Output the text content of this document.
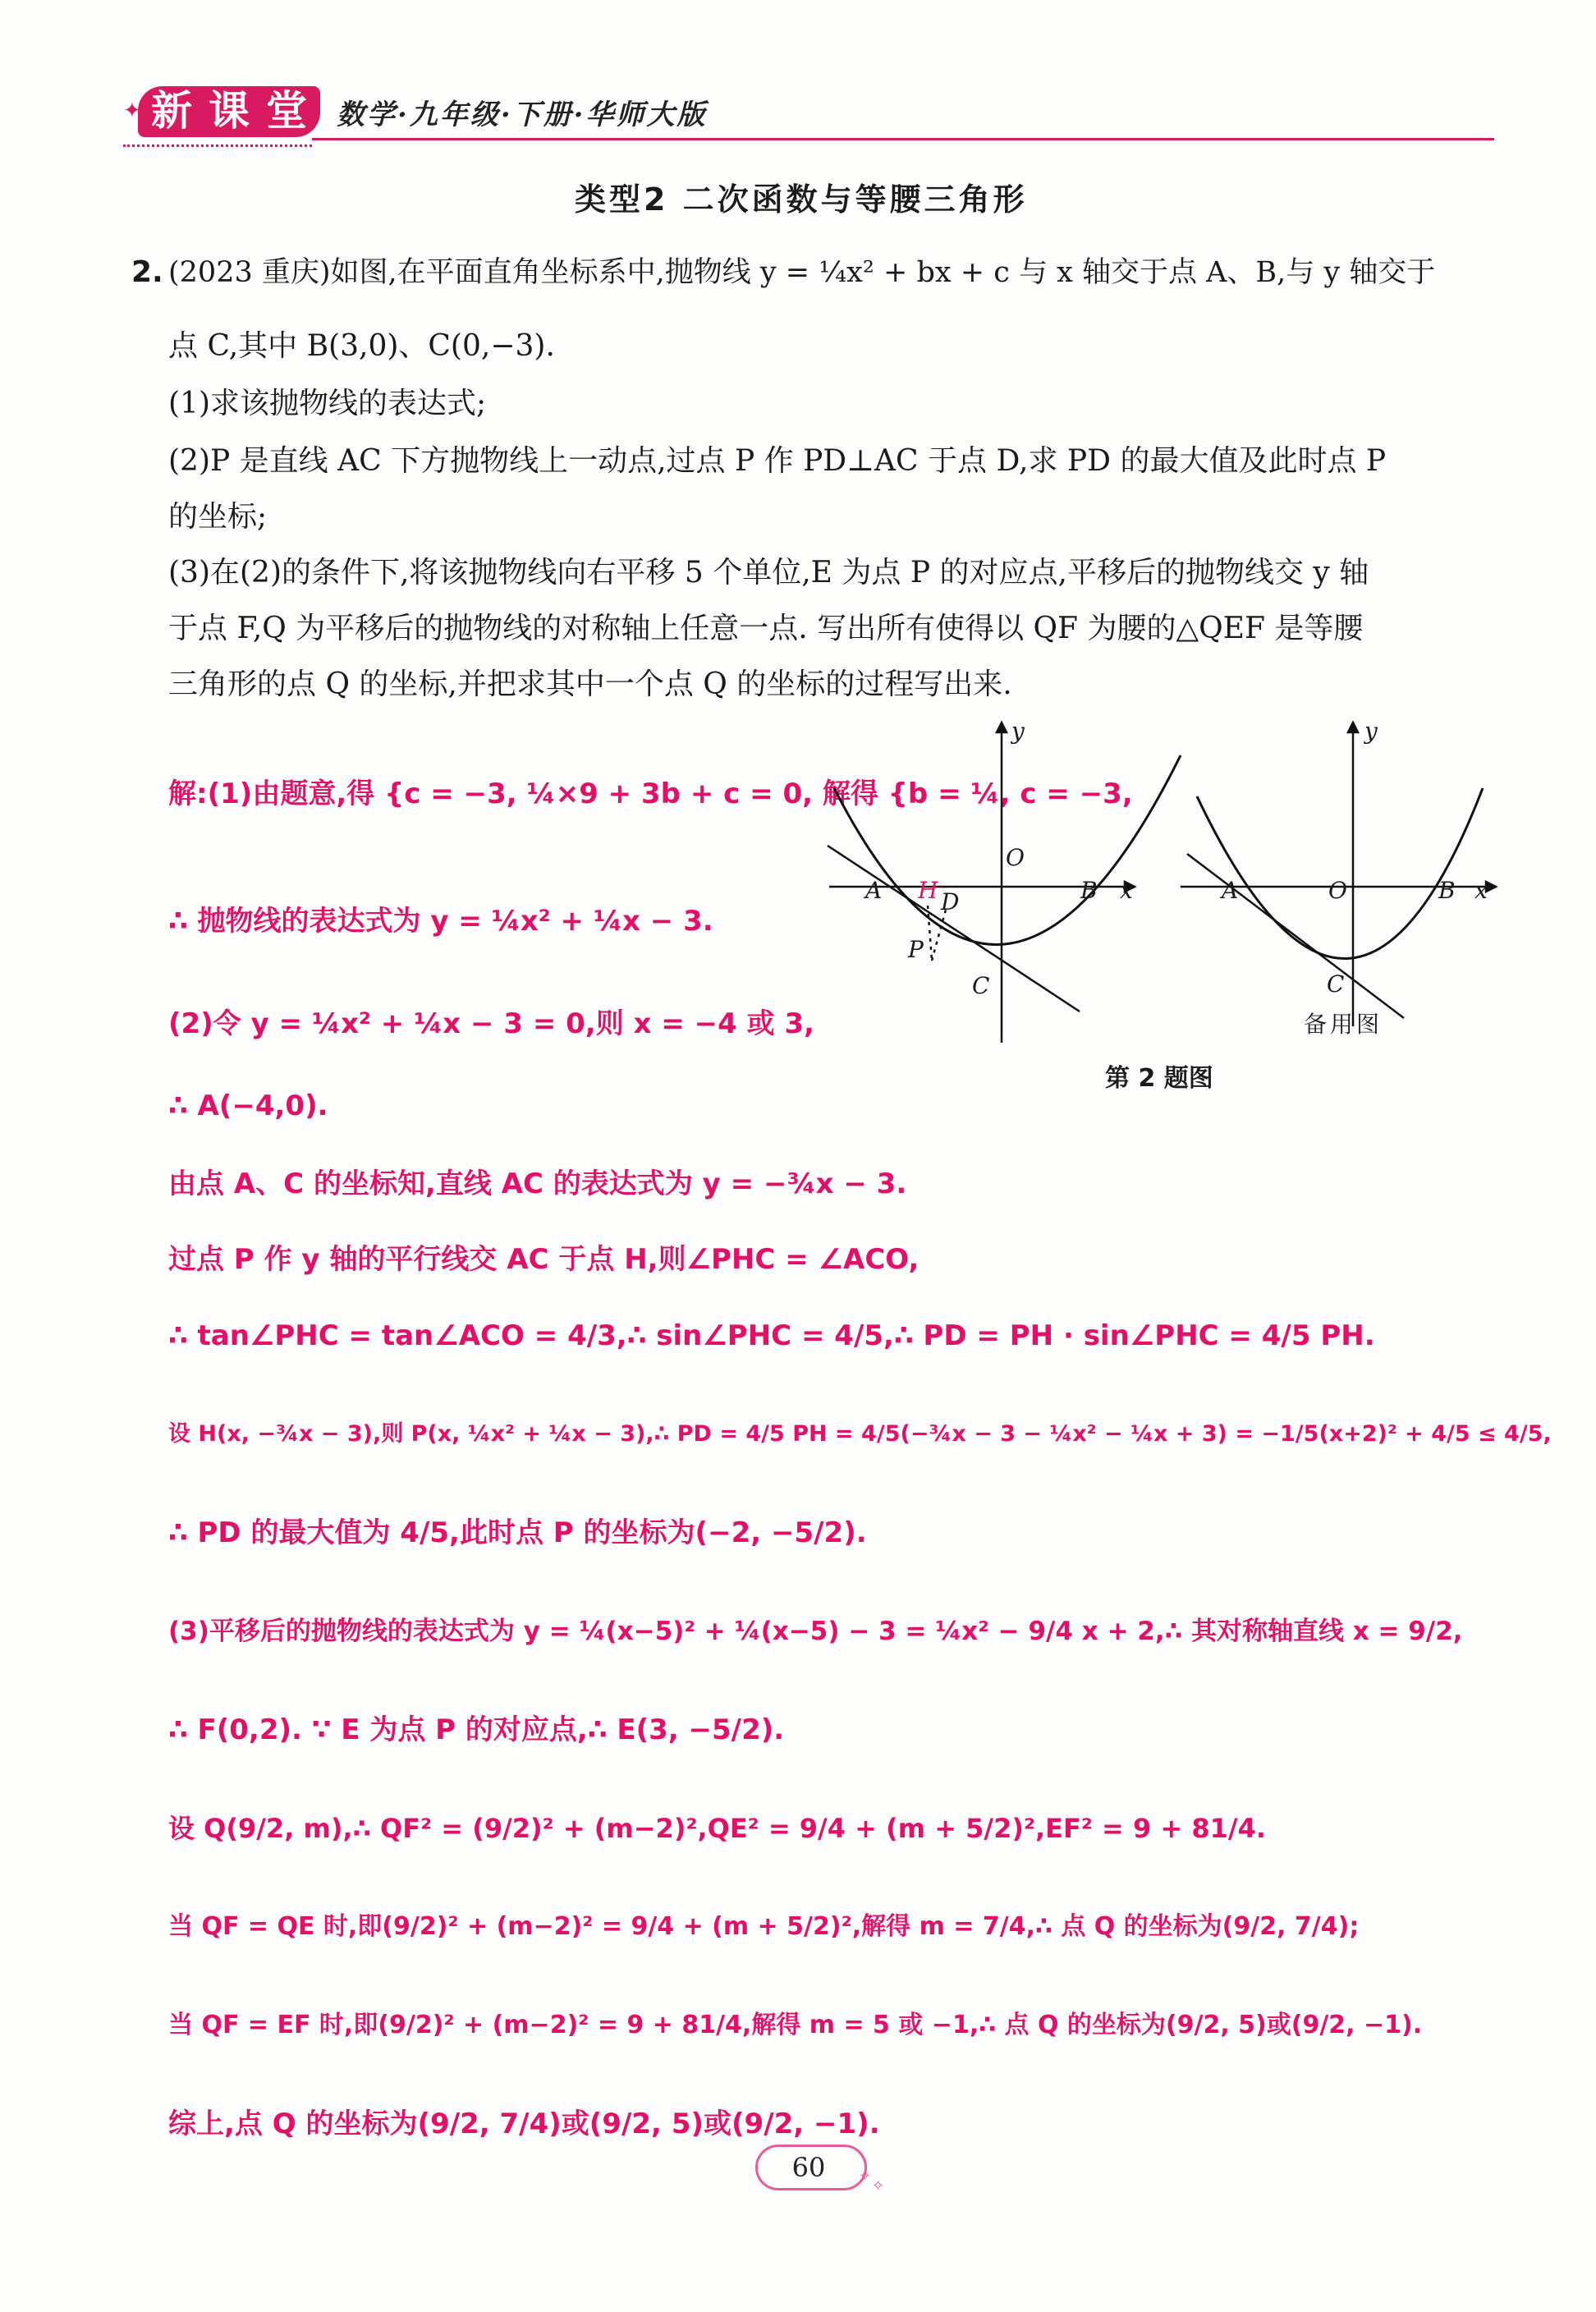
新 课 堂
✦	数学·九年级·下册·华师大版
类型2 二次函数与等腰三角形
2. (2023 重庆)如图,在平面直角坐标系中,抛物线 y = ¼x² + bx + c 与 x 轴交于点 A、B,与 y 轴交于
点 C,其中 B(3,0)、C(0,−3).
(1)求该抛物线的表达式;
(2)P 是直线 AC 下方抛物线上一动点,过点 P 作 PD⊥AC 于点 D,求 PD 的最大值及此时点 P
的坐标;
(3)在(2)的条件下,将该抛物线向右平移 5 个单位,E 为点 P 的对应点,平移后的抛物线交 y 轴
于点 F,Q 为平移后的抛物线的对称轴上任意一点. 写出所有使得以 QF 为腰的△QEF 是等腰
三角形的点 Q 的坐标,并把求其中一个点 Q 的坐标的过程写出来.
解:(1)由题意,得 {c = −3, ¼×9 + 3b + c = 0, 解得 {b = ¼, c = −3,
∴ 抛物线的表达式为 y = ¼x² + ¼x − 3.
(2)令 y = ¼x² + ¼x − 3 = 0,则 x = −4 或 3,
∴ A(−4,0).
由点 A、C 的坐标知,直线 AC 的表达式为 y = −¾x − 3.
过点 P 作 y 轴的平行线交 AC 于点 H,则∠PHC = ∠ACO,
∴ tan∠PHC = tan∠ACO = 4/3,∴ sin∠PHC = 4/5,∴ PD = PH · sin∠PHC = 4/5 PH.
设 H(x, −¾x − 3),则 P(x, ¼x² + ¼x − 3),∴ PD = 4/5 PH = 4/5(−¾x − 3 − ¼x² − ¼x + 3) = −1/5(x+2)² + 4/5 ≤ 4/5,
∴ PD 的最大值为 4/5,此时点 P 的坐标为(−2, −5/2).
(3)平移后的抛物线的表达式为 y = ¼(x−5)² + ¼(x−5) − 3 = ¼x² − 9/4 x + 2,∴ 其对称轴直线 x = 9/2,
∴ F(0,2). ∵ E 为点 P 的对应点,∴ E(3, −5/2).
设 Q(9/2, m),∴ QF² = (9/2)² + (m−2)²,QE² = 9/4 + (m + 5/2)²,EF² = 9 + 81/4.
当 QF = QE 时,即(9/2)² + (m−2)² = 9/4 + (m + 5/2)²,解得 m = 7/4,∴ 点 Q 的坐标为(9/2, 7/4);
当 QF = EF 时,即(9/2)² + (m−2)² = 9 + 81/4,解得 m = 5 或 −1,∴ 点 Q 的坐标为(9/2, 5)或(9/2, −1).
综上,点 Q 的坐标为(9/2, 7/4)或(9/2, 5)或(9/2, −1).
y
O
A H D	B x
P
C
y
A	O	B x
C
备用图
第 2 题图
60	✧
✧
